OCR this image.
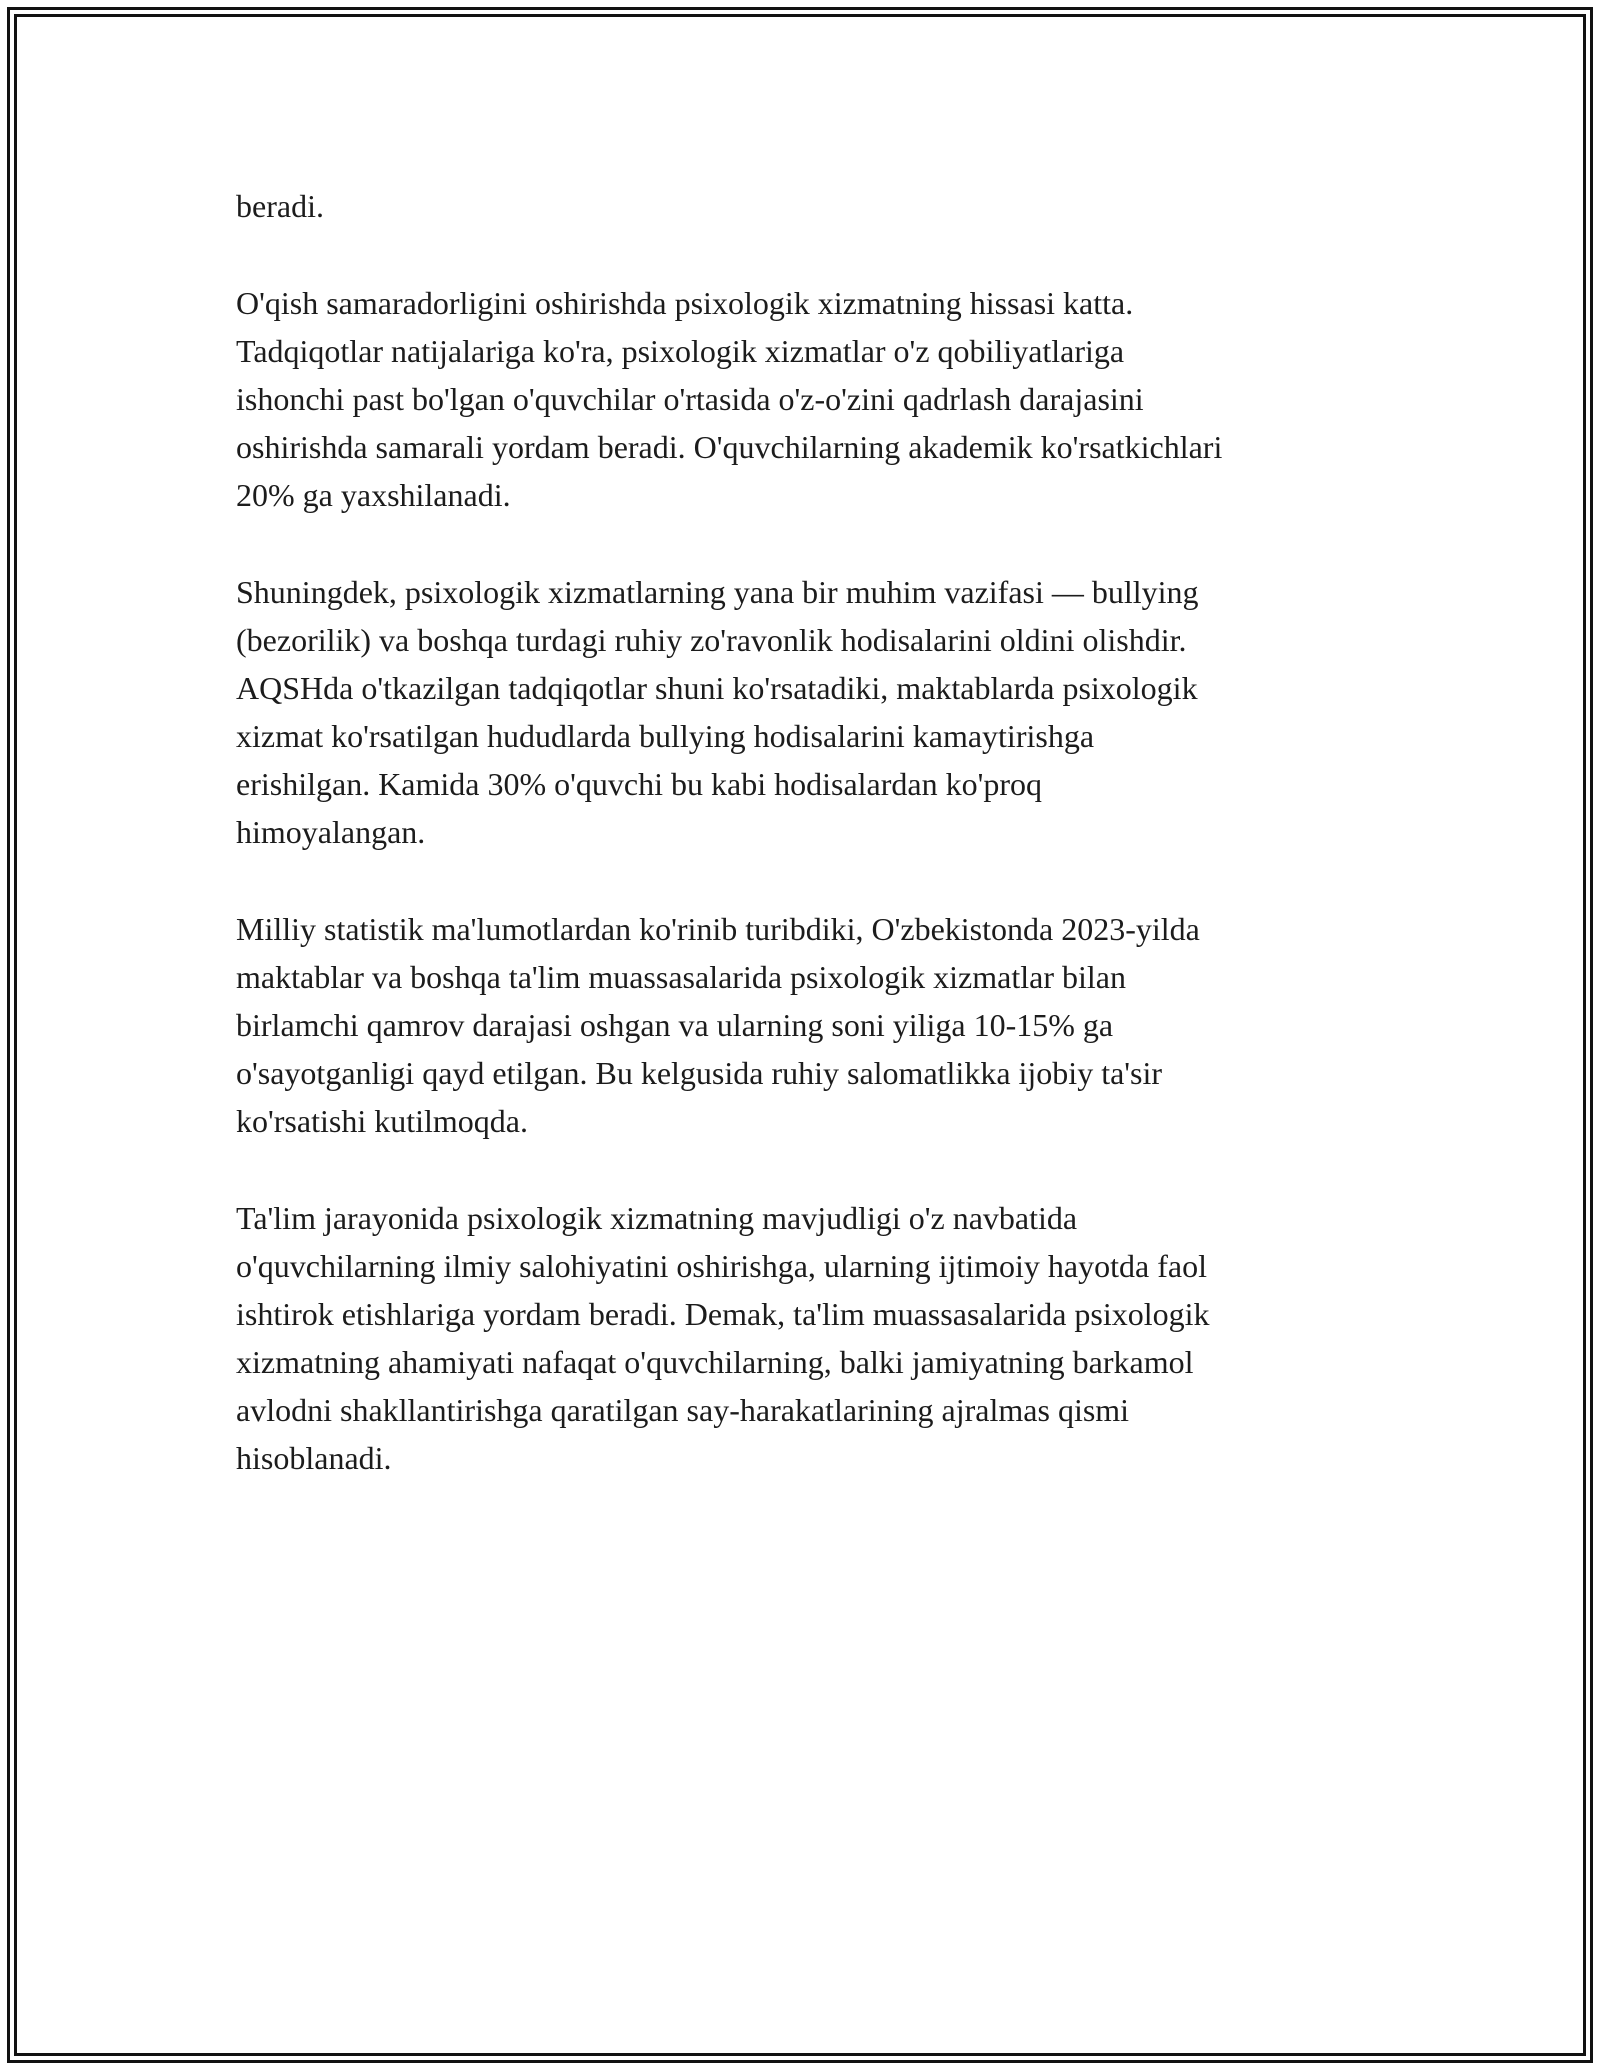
beradi.

O'qish samaradorligini oshirishda psixologik xizmatning hissasi katta.
Tadqiqotlar natijalariga ko'ra, psixologik xizmatlar o'z qobiliyatlariga
ishonchi past bo'lgan o'quvchilar o'rtasida o'z-o'zini qadrlash darajasini
oshirishda samarali yordam beradi. O'quvchilarning akademik ko'rsatkichlari
20% ga yaxshilanadi.

Shuningdek, psixologik xizmatlarning yana bir muhim vazifasi — bullying
(bezorilik) va boshqa turdagi ruhiy zo'ravonlik hodisalarini oldini olishdir.
AQSHda o'tkazilgan tadqiqotlar shuni ko'rsatadiki, maktablarda psixologik
xizmat ko'rsatilgan hududlarda bullying hodisalarini kamaytirishga
erishilgan. Kamida 30% o'quvchi bu kabi hodisalardan ko'proq
himoyalangan.

Milliy statistik ma'lumotlardan ko'rinib turibdiki, O'zbekistonda 2023-yilda
maktablar va boshqa ta'lim muassasalarida psixologik xizmatlar bilan
birlamchi qamrov darajasi oshgan va ularning soni yiliga 10-15% ga
o'sayotganligi qayd etilgan. Bu kelgusida ruhiy salomatlikka ijobiy ta'sir
ko'rsatishi kutilmoqda.

Ta'lim jarayonida psixologik xizmatning mavjudligi o'z navbatida
o'quvchilarning ilmiy salohiyatini oshirishga, ularning ijtimoiy hayotda faol
ishtirok etishlariga yordam beradi. Demak, ta'lim muassasalarida psixologik
xizmatning ahamiyati nafaqat o'quvchilarning, balki jamiyatning barkamol
avlodni shakllantirishga qaratilgan say-harakatlarining ajralmas qismi
hisoblanadi.
